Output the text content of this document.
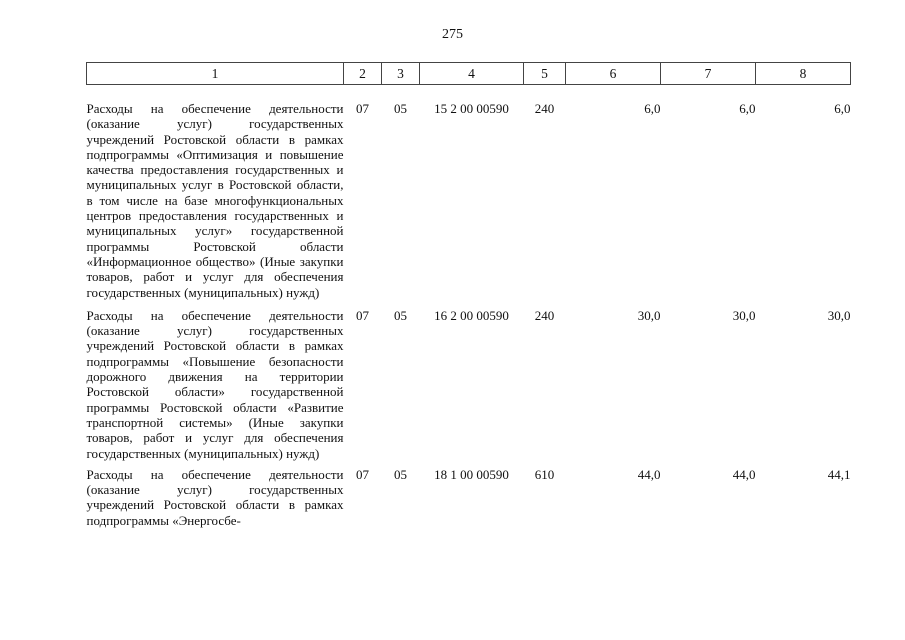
275
1	2	3	4	5	6	7	8
Расходы на обеспечение деятельности (оказание услуг) государственных учреждений Ростовской области в рамках подпрограммы «Оптимизация и повышение качества предоставления государственных и муниципальных услуг в Ростовской области, в том числе на базе многофункциональных центров предоставления государственных и муниципальных услуг» государственной программы Ростовской области «Информационное общество» (Иные закупки товаров, работ и услуг для обеспечения государственных (муниципальных) нужд)	07	05	15 2 00 00590	240	6,0	6,0	6,0
Расходы на обеспечение деятельности (оказание услуг) государственных учреждений Ростовской области в рамках подпрограммы «Повышение безопасности дорожного движения на территории Ростовской области» государственной программы Ростовской области «Развитие транспортной системы» (Иные закупки товаров, работ и услуг для обеспечения государственных (муниципальных) нужд)	07	05	16 2 00 00590	240	30,0	30,0	30,0
Расходы на обеспечение деятельности (оказание услуг) государственных учреждений Ростовской области в рамках подпрограммы «Энергосбе-	07	05	18 1 00 00590	610	44,0	44,0	44,1
